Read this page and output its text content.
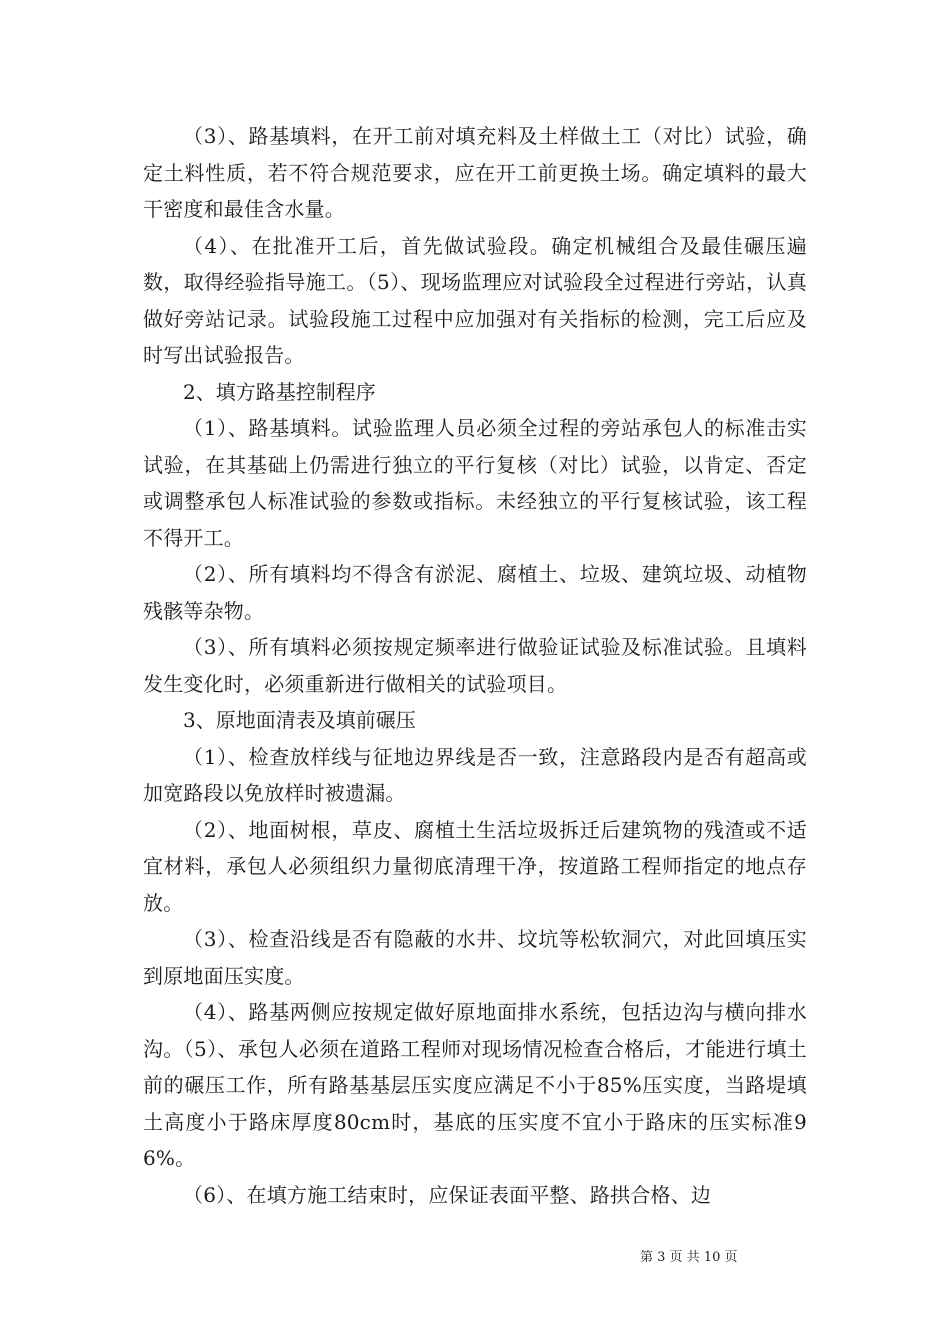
（3）、路基填料，在开工前对填充料及土样做土工（对比）试验，确定土料性质，若不符合规范要求，应在开工前更换土场。确定填料的最大干密度和最佳含水量。

（4）、在批准开工后，首先做试验段。确定机械组合及最佳碾压遍数，取得经验指导施工。（5）、现场监理应对试验段全过程进行旁站，认真做好旁站记录。试验段施工过程中应加强对有关指标的检测，完工后应及时写出试验报告。

2、填方路基控制程序

（1）、路基填料。试验监理人员必须全过程的旁站承包人的标准击实试验，在其基础上仍需进行独立的平行复核（对比）试验，以肯定、否定或调整承包人标准试验的参数或指标。未经独立的平行复核试验，该工程不得开工。

（2）、所有填料均不得含有淤泥、腐植土、垃圾、建筑垃圾、动植物残骸等杂物。

（3）、所有填料必须按规定频率进行做验证试验及标准试验。且填料发生变化时，必须重新进行做相关的试验项目。

3、原地面清表及填前碾压

（1）、检查放样线与征地边界线是否一致，注意路段内是否有超高或加宽路段以免放样时被遗漏。

（2）、地面树根，草皮、腐植土生活垃圾拆迁后建筑物的残渣或不适宜材料，承包人必须组织力量彻底清理干净，按道路工程师指定的地点存放。

（3）、检查沿线是否有隐蔽的水井、坟坑等松软洞穴，对此回填压实到原地面压实度。

（4）、路基两侧应按规定做好原地面排水系统，包括边沟与横向排水沟。（5）、承包人必须在道路工程师对现场情况检查合格后，才能进行填土前的碾压工作，所有路基基层压实度应满足不小于85%压实度，当路堤填土高度小于路床厚度80cm时，基底的压实度不宜小于路床的压实标准96%。

（6）、在填方施工结束时，应保证表面平整、路拱合格、边

第 3 页 共 10 页
